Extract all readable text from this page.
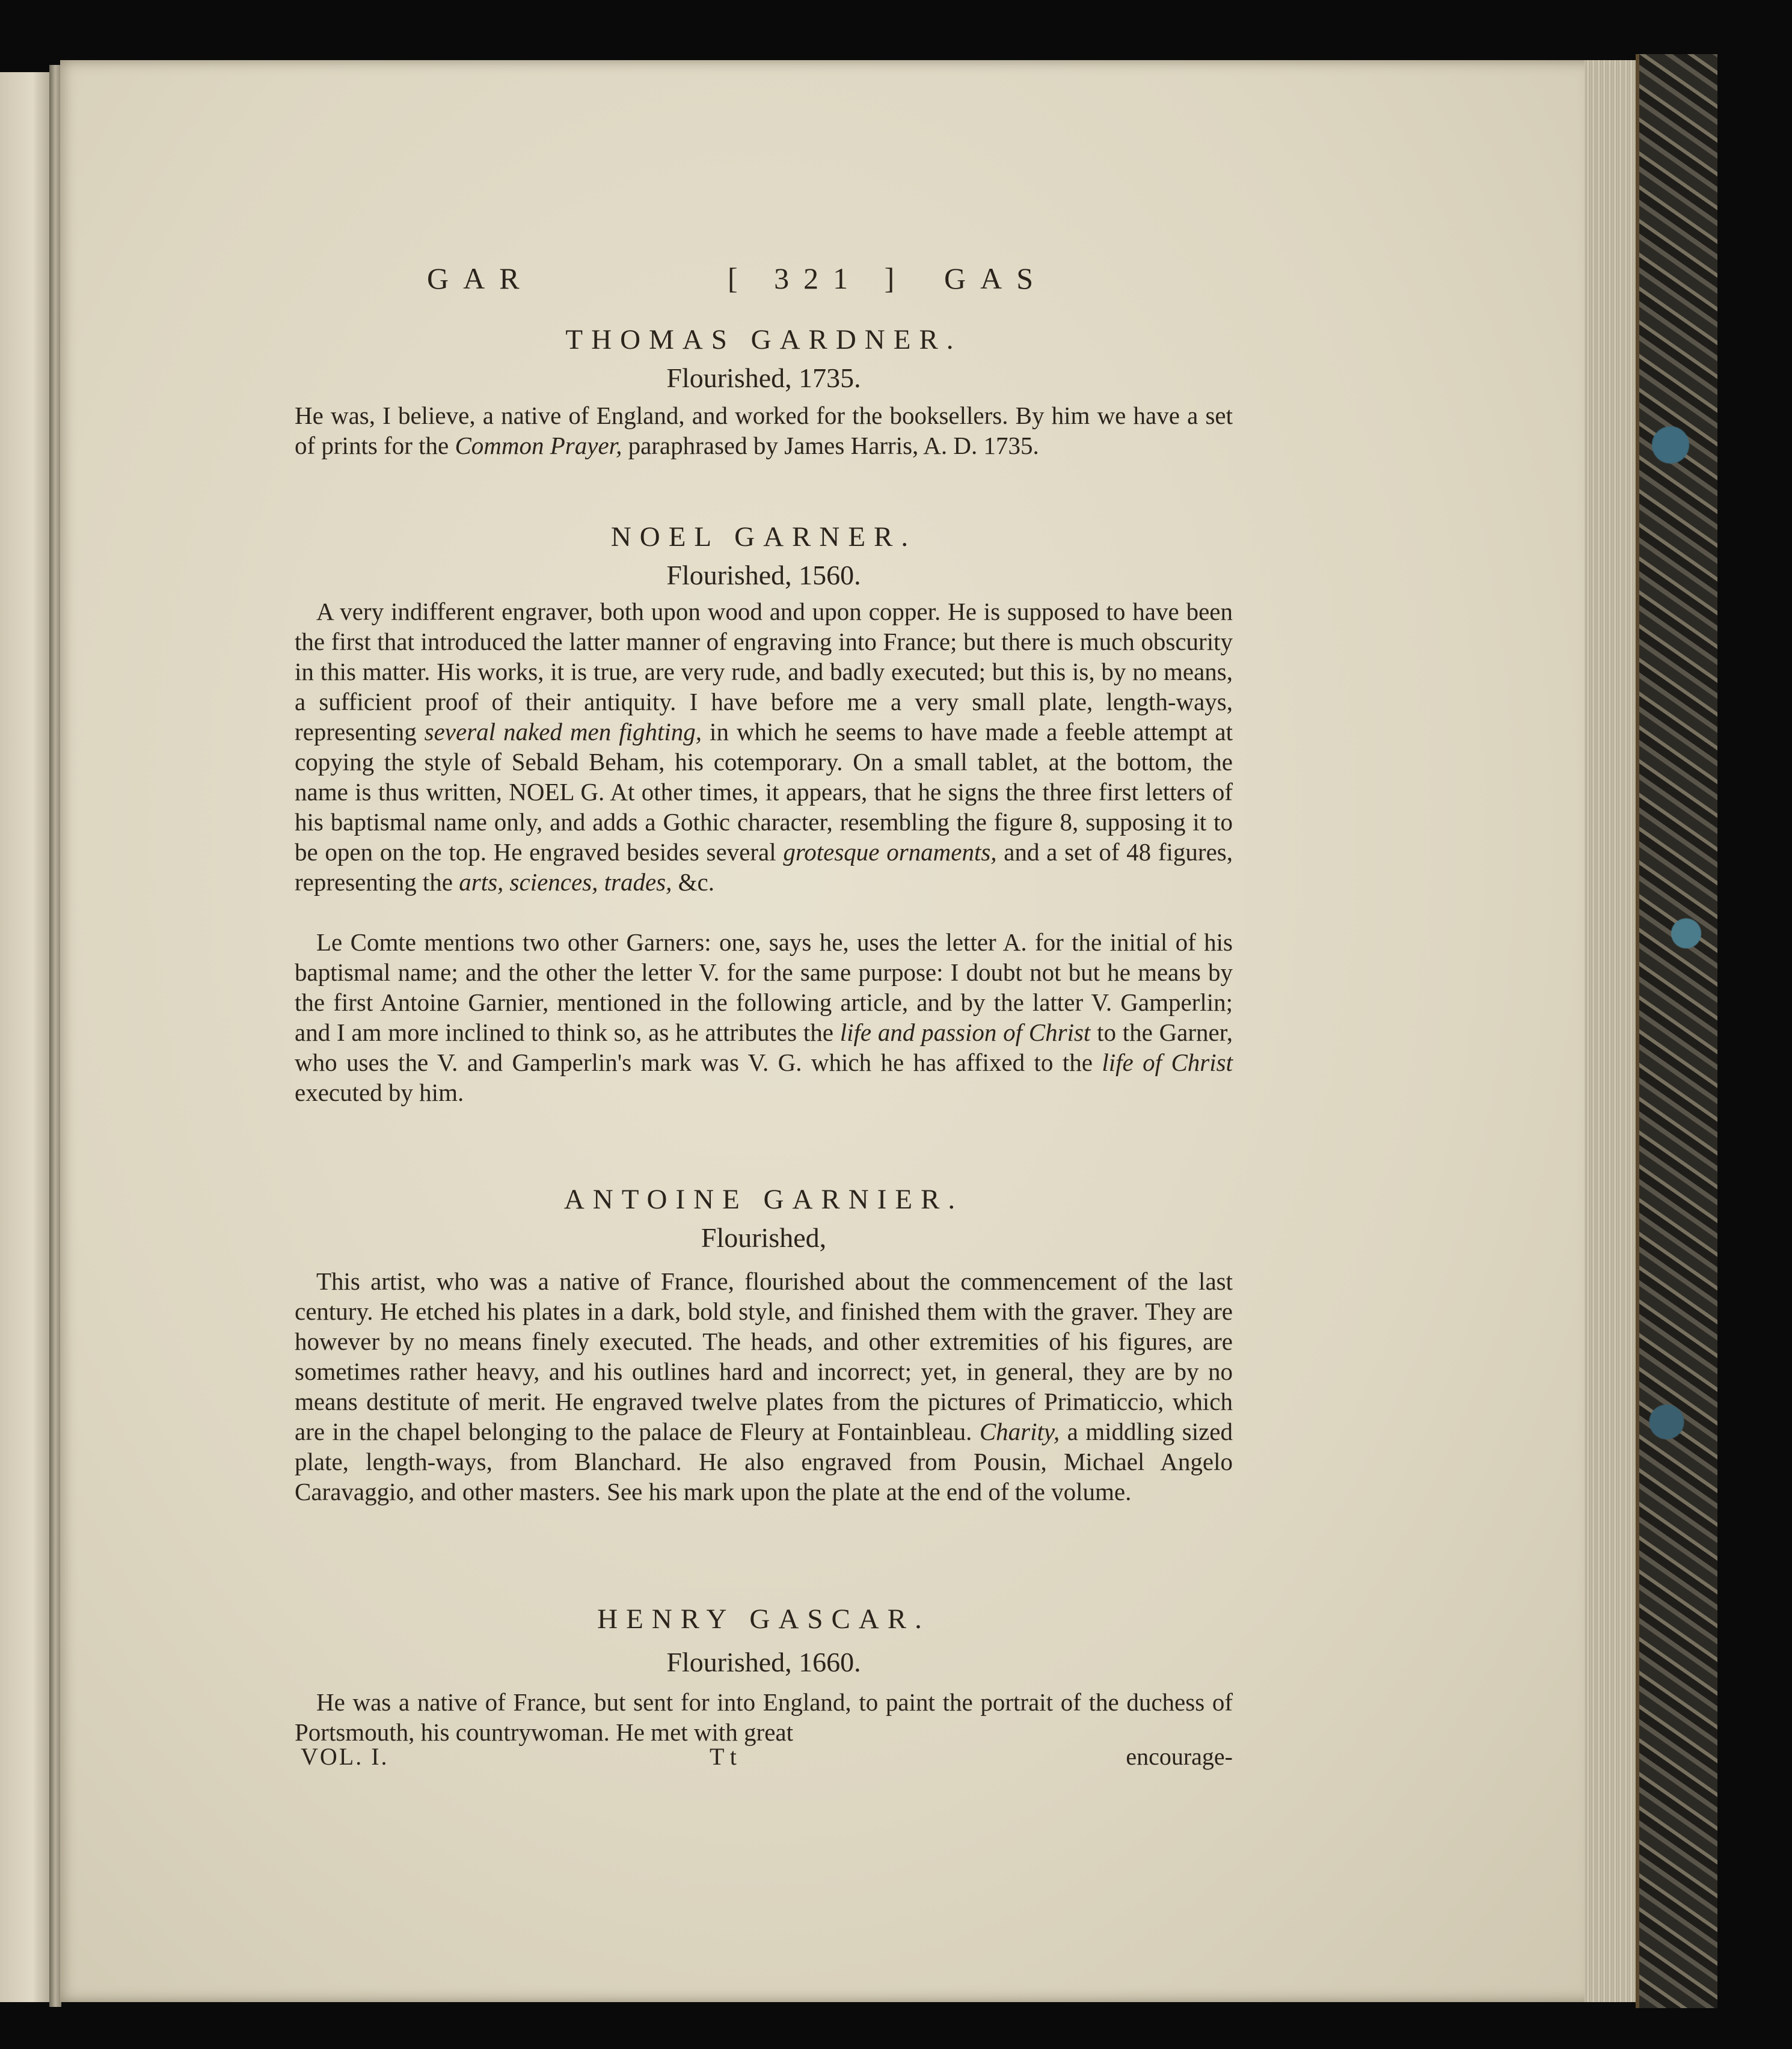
GAR	[ 321 ] GAS
THOMAS GARDNER.
Flourished, 1735.
He was, I believe, a native of England, and worked for the booksellers. By him we have a set of prints for the Common Prayer, paraphrased by James Harris, A. D. 1735.
NOEL GARNER.
Flourished, 1560.
A very indifferent engraver, both upon wood and upon copper. He is supposed to have been the first that introduced the latter manner of engraving into France; but there is much obscurity in this matter. His works, it is true, are very rude, and badly executed; but this is, by no means, a sufficient proof of their antiquity. I have before me a very small plate, length-ways, representing several naked men fighting, in which he seems to have made a feeble attempt at copying the style of Sebald Beham, his cotemporary. On a small tablet, at the bottom, the name is thus written, NOEL G. At other times, it appears, that he signs the three first letters of his baptismal name only, and adds a Gothic character, resembling the figure 8, supposing it to be open on the top. He engraved besides several grotesque ornaments, and a set of 48 figures, representing the arts, sciences, trades, &c.
Le Comte mentions two other Garners: one, says he, uses the letter A. for the initial of his baptismal name; and the other the letter V. for the same purpose: I doubt not but he means by the first Antoine Garnier, mentioned in the following article, and by the latter V. Gamperlin; and I am more inclined to think so, as he attributes the life and passion of Christ to the Garner, who uses the V. and Gamperlin's mark was V. G. which he has affixed to the life of Christ executed by him.
ANTOINE GARNIER.
Flourished,
This artist, who was a native of France, flourished about the commencement of the last century. He etched his plates in a dark, bold style, and finished them with the graver. They are however by no means finely executed. The heads, and other extremities of his figures, are sometimes rather heavy, and his outlines hard and incorrect; yet, in general, they are by no means destitute of merit. He engraved twelve plates from the pictures of Primaticcio, which are in the chapel belonging to the palace de Fleury at Fontainbleau. Charity, a middling sized plate, length-ways, from Blanchard. He also engraved from Pousin, Michael Angelo Caravaggio, and other masters. See his mark upon the plate at the end of the volume.
HENRY GASCAR.
Flourished, 1660.
He was a native of France, but sent for into England, to paint the portrait of the duchess of Portsmouth, his countrywoman. He met with great
VOL. I.	T t	encourage-
